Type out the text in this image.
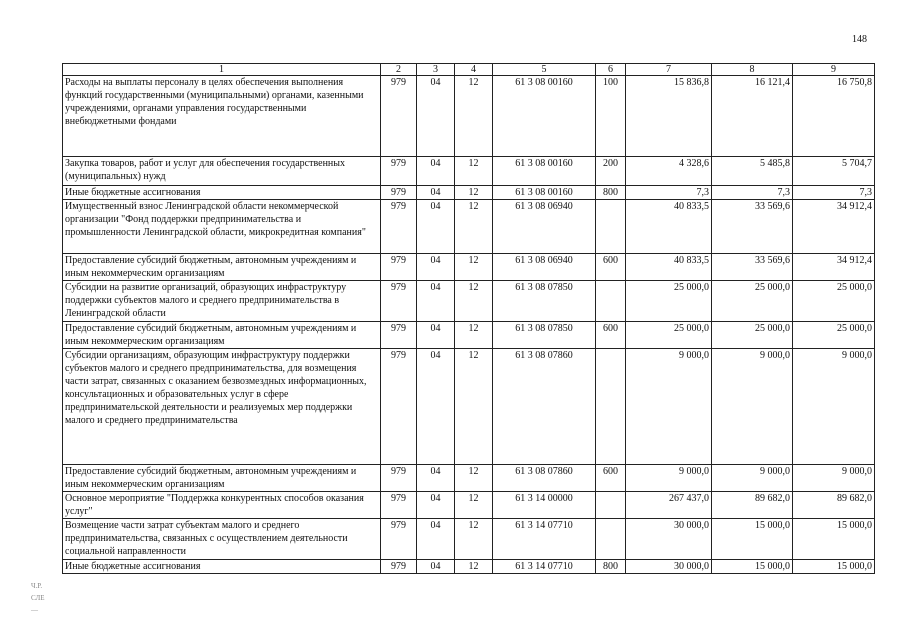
148
Ч.Р.
СЛЕ
—
1	2	3	4	5	6	7	8	9
Расходы на выплаты персоналу в целях обеспечения выполнения функций государственными (муниципальными) органами, казенными учреждениями, органами управления государственными внебюджетными фондами	979	04	12	61 3 08 00160	100	15 836,8	16 121,4	16 750,8
Закупка товаров, работ и услуг для обеспечения государственных (муниципальных) нужд	979	04	12	61 3 08 00160	200	4 328,6	5 485,8	5 704,7
Иные бюджетные ассигнования	979	04	12	61 3 08 00160	800	7,3	7,3	7,3
Имущественный взнос Ленинградской области некоммерческой организации "Фонд поддержки предпринимательства и промышленности Ленинградской области, микрокредитная компания"	979	04	12	61 3 08 06940		40 833,5	33 569,6	34 912,4
Предоставление субсидий бюджетным, автономным учреждениям и иным некоммерческим организациям	979	04	12	61 3 08 06940	600	40 833,5	33 569,6	34 912,4
Субсидии на развитие организаций, образующих инфраструктуру поддержки субъектов малого и среднего предпринимательства в Ленинградской области	979	04	12	61 3 08 07850		25 000,0	25 000,0	25 000,0
Предоставление субсидий бюджетным, автономным учреждениям и иным некоммерческим организациям	979	04	12	61 3 08 07850	600	25 000,0	25 000,0	25 000,0
Субсидии организациям, образующим инфраструктуру поддержки субъектов малого и среднего предпринимательства, для возмещения части затрат, связанных с оказанием безвозмездных информационных, консультационных и образовательных услуг в сфере предпринимательской деятельности и реализуемых мер поддержки малого и среднего предпринимательства	979	04	12	61 3 08 07860		9 000,0	9 000,0	9 000,0
Предоставление субсидий бюджетным, автономным учреждениям и иным некоммерческим организациям	979	04	12	61 3 08 07860	600	9 000,0	9 000,0	9 000,0
Основное мероприятие "Поддержка конкурентных способов оказания услуг"	979	04	12	61 3 14 00000		267 437,0	89 682,0	89 682,0
Возмещение части затрат субъектам малого и среднего предпринимательства, связанных с осуществлением деятельности социальной направленности	979	04	12	61 3 14 07710		30 000,0	15 000,0	15 000,0
Иные бюджетные ассигнования	979	04	12	61 3 14 07710	800	30 000,0	15 000,0	15 000,0
